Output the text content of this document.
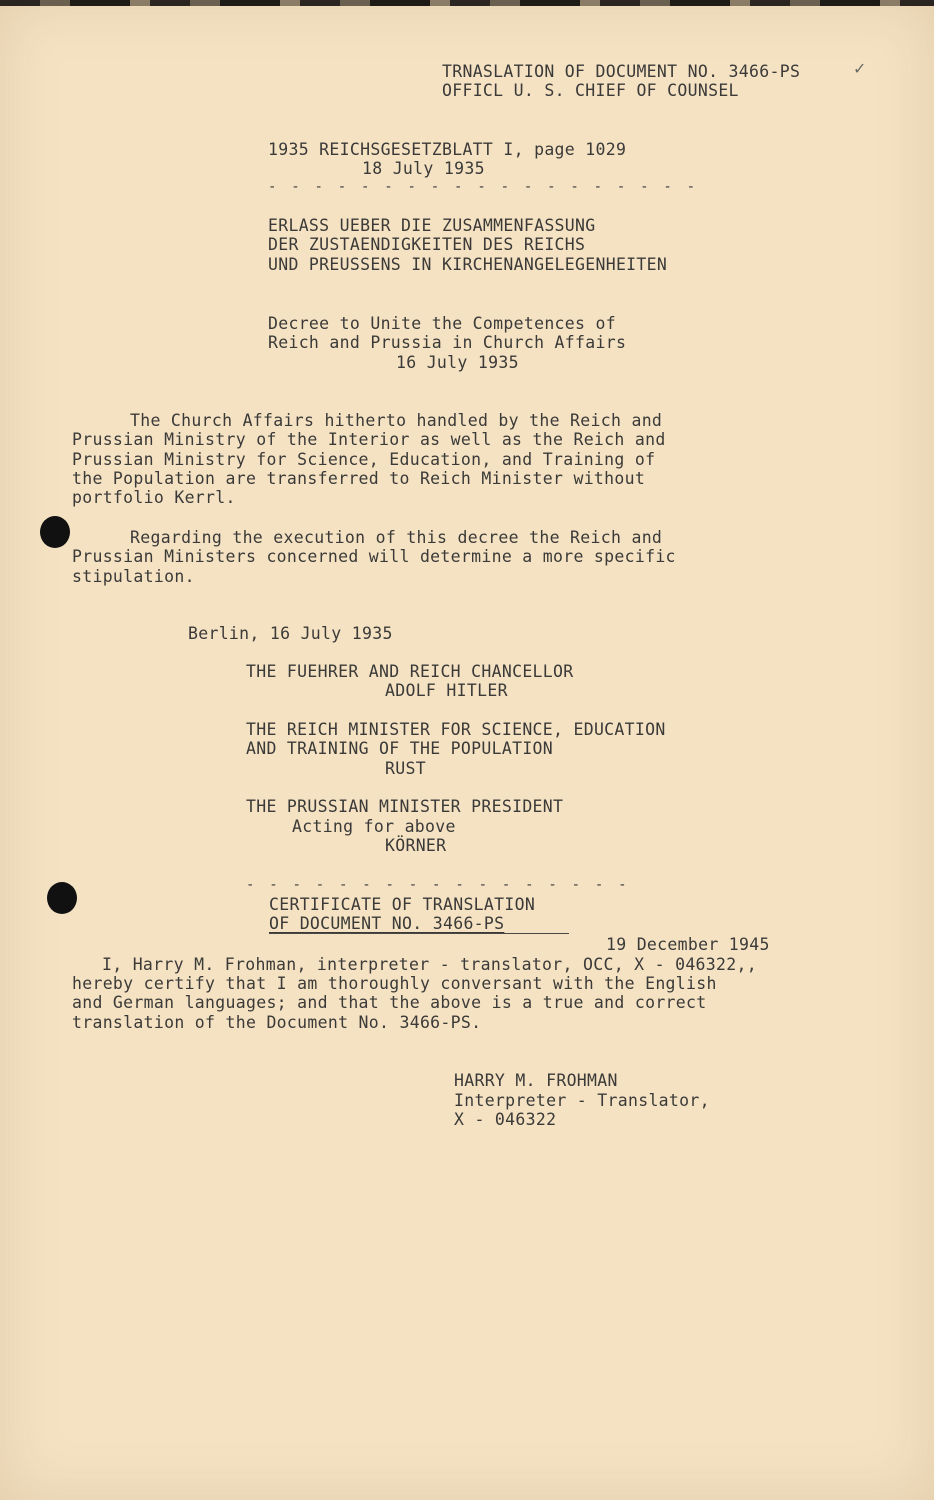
TRNASLATION OF DOCUMENT NO. 3466-PS	✓
OFFICL U. S. CHIEF OF COUNSEL
1935 REICHSGESETZBLATT I, page 1029
18 July 1935
- - - - - - - - - - - - - - - - - - -
ERLASS UEBER DIE ZUSAMMENFASSUNG
DER ZUSTAENDIGKEITEN DES REICHS
UND PREUSSENS IN KIRCHENANGELEGENHEITEN
Decree to Unite the Competences of
Reich and Prussia in Church Affairs
16 July 1935
The Church Affairs hitherto handled by the Reich and
Prussian Ministry of the Interior as well as the Reich and
Prussian Ministry for Science, Education, and Training of
the Population are transferred to Reich Minister without
portfolio Kerrl.
Regarding the execution of this decree the Reich and
Prussian Ministers concerned will determine a more specific
stipulation.
Berlin, 16 July 1935
THE FUEHRER AND REICH CHANCELLOR
ADOLF HITLER
THE REICH MINISTER FOR SCIENCE, EDUCATION
AND TRAINING OF THE POPULATION
RUST
THE PRUSSIAN MINISTER PRESIDENT
Acting for above
KÖRNER
- - - - - - - - - - - - - - - - -
CERTIFICATE OF TRANSLATION
OF DOCUMENT NO. 3466-PS
19 December 1945
I, Harry M. Frohman, interpreter - translator, OCC, X - 046322,,
hereby certify that I am thoroughly conversant with the English
and German languages; and that the above is a true and correct
translation of the Document No. 3466-PS.
HARRY M. FROHMAN
Interpreter - Translator,
X - 046322
